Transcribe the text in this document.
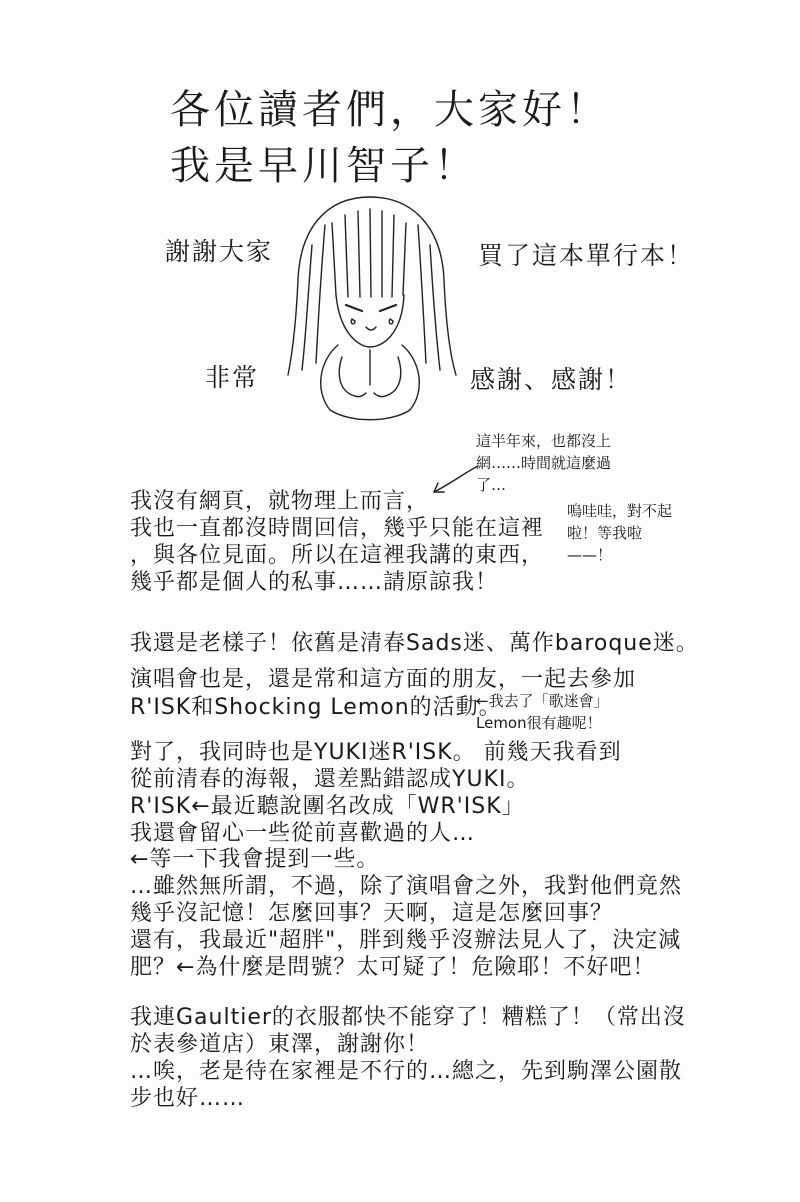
各位讀者們，大家好！
我是早川智子！
謝謝大家	買了這本單行本！
非常	感謝、感謝！
這半年來，也都沒上網……時間就這麼過了…
我沒有網頁，就物理上而言，
我也一直都沒時間回信，幾乎只能在這裡
，與各位見面。所以在這裡我講的東西，
幾乎都是個人的私事……請原諒我！
嗚哇哇，對不起啦！等我啦——！
我還是老樣子！依舊是清春Sads迷、萬作baroque迷。
演唱會也是，還是常和這方面的朋友，一起去參加
R'ISK和Shocking Lemon的活動。
←我去了「歌迷會」Lemon很有趣呢！
對了，我同時也是YUKI迷R'ISK。 前幾天我看到
從前清春的海報，還差點錯認成YUKI。
R'ISK←最近聽說團名改成「WR'ISK」
我還會留心一些從前喜歡過的人…
←等一下我會提到一些。
…雖然無所謂，不過，除了演唱會之外，我對他們竟然
幾乎沒記憶！怎麼回事？天啊，這是怎麼回事？
還有，我最近"超胖"，胖到幾乎沒辦法見人了，決定減
肥？←為什麼是問號？太可疑了！危險耶！不好吧！
我連Gaultier的衣服都快不能穿了！糟糕了！（常出沒
於表參道店）東澤，謝謝你！
…唉，老是待在家裡是不行的…總之，先到駒澤公園散
步也好……
